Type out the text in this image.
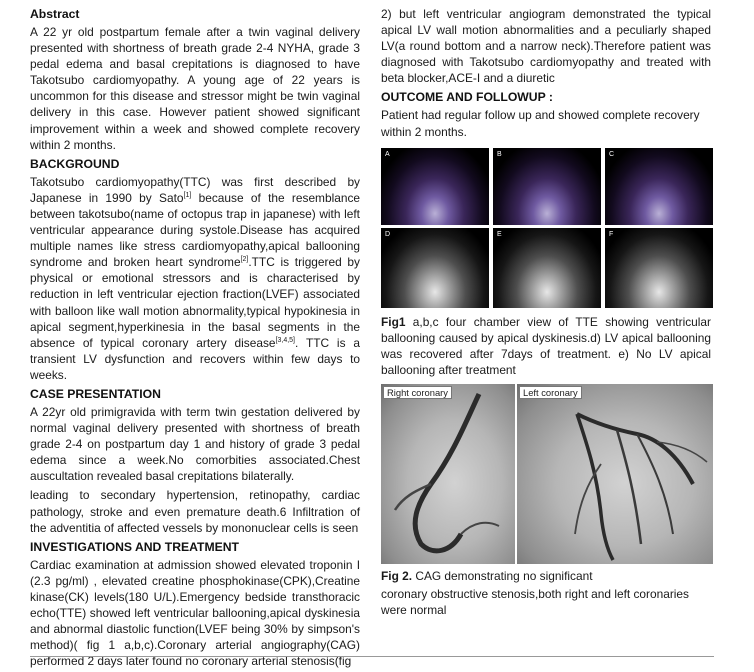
Abstract

A 22 yr old postpartum female after a twin vaginal delivery presented with shortness of breath grade 2-4 NYHA, grade 3 pedal edema and basal crepitations is diagnosed to have Takotsubo cardiomyopathy. A young age of 22 years is uncommon for this disease and stressor might be twin vaginal delivery in this case. However patient showed significant improvement within a week and showed complete recovery within 2 months.

BACKGROUND

Takotsubo cardiomyopathy(TTC) was first described by Japanese in 1990 by Sato[1] because of the resemblance between takotsubo(name of octopus trap in japanese) with left ventricular appearance during systole.Disease has acquired multiple names like stress cardiomyopathy,apical ballooning syndrome and broken heart syndrome[2].TTC is triggered by physical or emotional stressors and is characterised by reduction in left ventricular ejection fraction(LVEF) associated with balloon like wall motion abnormality,typical hypokinesia in apical segment,hyperkinesia in the basal segments in the absence of typical coronary artery disease[3,4,5]. TTC is a transient LV dysfunction and recovers within few days to weeks.

CASE PRESENTATION

A 22yr old primigravida with term twin gestation delivered by normal vaginal delivery presented with shortness of breath grade 2-4 on postpartum day 1 and history of grade 3 pedal edema since a week.No comorbities associated.Chest auscultation revealed basal crepitations bilaterally.

leading to secondary hypertension, retinopathy, cardiac pathology, stroke and even premature death.6 Infiltration of the adventitia of affected vessels by mononuclear cells is seen

INVESTIGATIONS AND TREATMENT

Cardiac examination at admission showed elevated troponin I (2.3 pg/ml) , elevated creatine phosphokinase(CPK),Creatine kinase(CK) levels(180 U/L).Emergency bedside transthoracic echo(TTE) showed left ventricular ballooning,apical dyskinesia and abnormal diastolic function(LVEF being 30% by simpson's method)( fig 1 a,b,c).Coronary arterial angiography(CAG) performed 2 days later found no coronary arterial stenosis(fig

2) but left ventricular angiogram demonstrated the typical apical LV wall motion abnormalities and a peculiarly shaped LV(a round bottom and a narrow neck).Therefore patient was diagnosed with Takotsubo cardiomyopathy and treated with beta blocker,ACE-I and a diuretic

OUTCOME AND FOLLOWUP :

Patient had regular follow up and showed complete recovery within 2 months.

A	B	C
D	E	F

Fig1 a,b,c four chamber view of TTE showing ventricular ballooning caused by apical dyskinesis.d) LV apical ballooning was recovered after 7days of treatment. e) No LV apical ballooning after treatment

Right coronary	Left coronary

Fig 2. CAG demonstrating no significant

coronary obstructive stenosis,both right and left coronaries were normal
